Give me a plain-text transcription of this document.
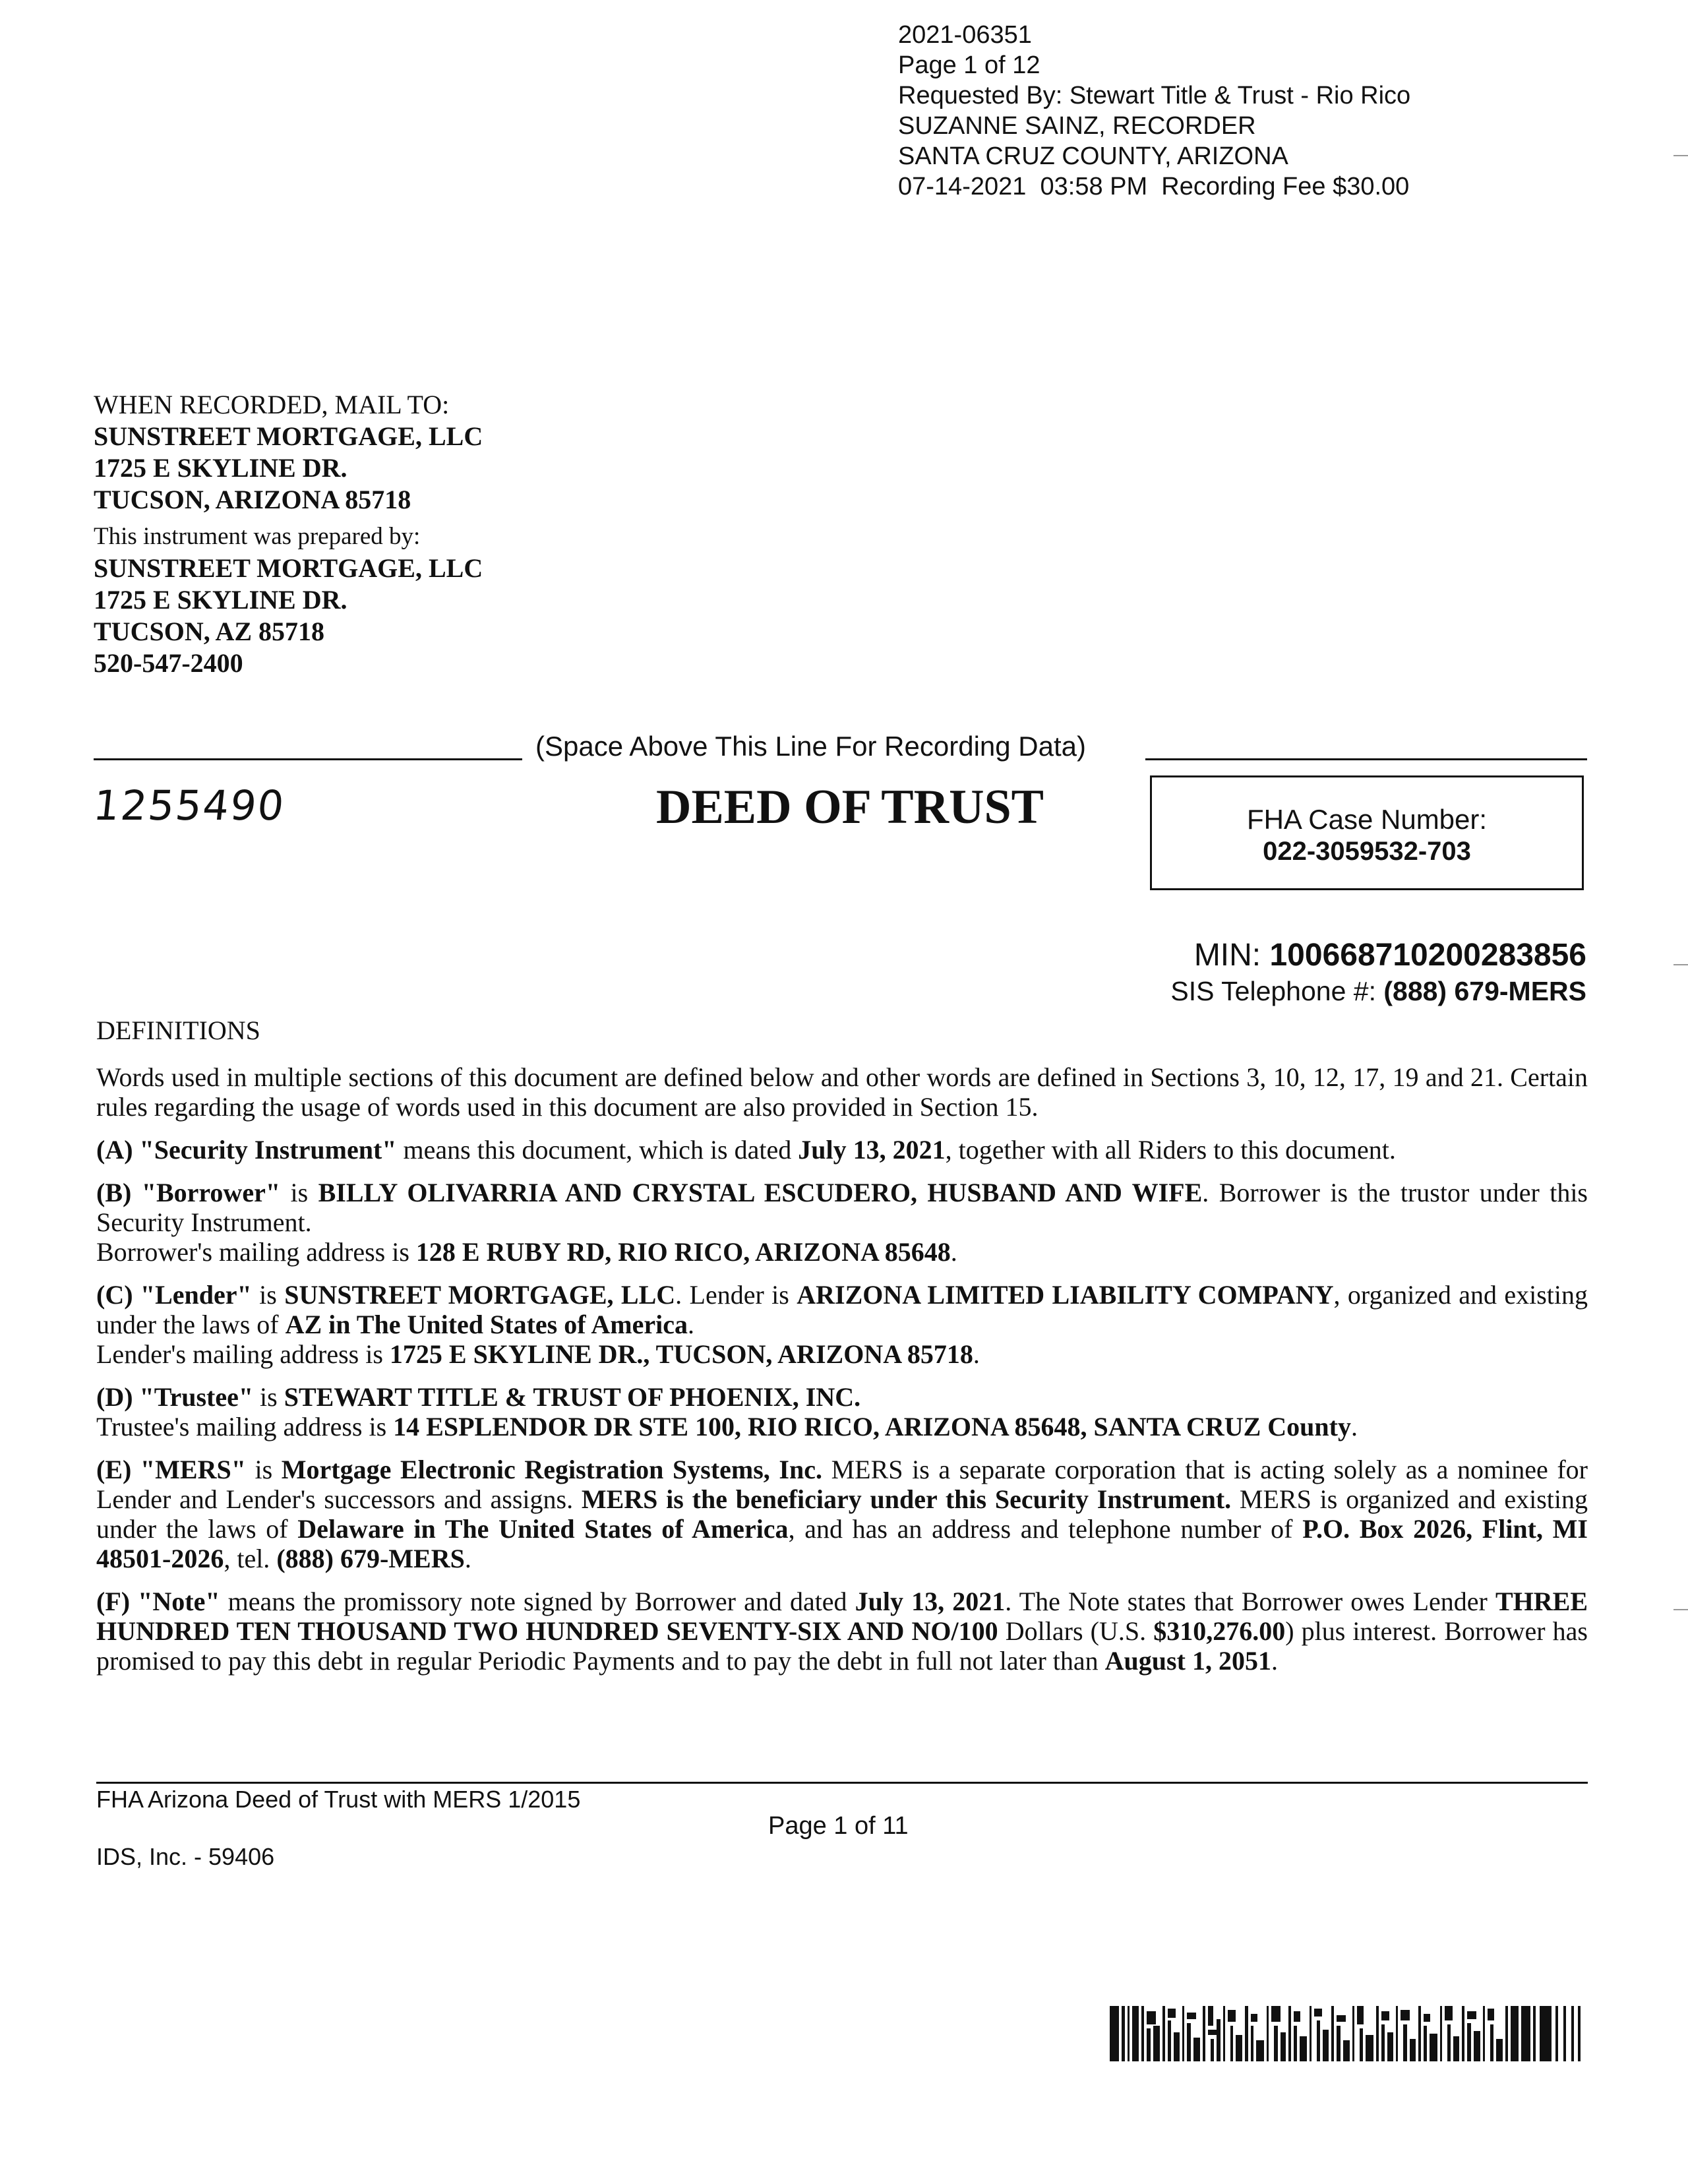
2021-06351
Page 1 of 12
Requested By: Stewart Title & Trust - Rio Rico
SUZANNE SAINZ, RECORDER
SANTA CRUZ COUNTY, ARIZONA
07-14-2021  03:58 PM  Recording Fee $30.00
WHEN RECORDED, MAIL TO:
SUNSTREET MORTGAGE, LLC
1725 E SKYLINE DR.
TUCSON, ARIZONA 85718
This instrument was prepared by:
SUNSTREET MORTGAGE, LLC
1725 E SKYLINE DR.
TUCSON, AZ 85718
520-547-2400
(Space Above This Line For Recording Data)
1255490	DEED OF TRUST	FHA Case Number:
022-3059532-703
MIN: 100668710200283856
SIS Telephone #: (888) 679-MERS

DEFINITIONS

Words used in multiple sections of this document are defined below and other words are defined in Sections 3, 10, 12, 17, 19 and 21. Certain rules regarding the usage of words used in this document are also provided in Section 15.

(A) "Security Instrument" means this document, which is dated July 13, 2021, together with all Riders to this document.

(B) "Borrower" is BILLY OLIVARRIA AND CRYSTAL ESCUDERO, HUSBAND AND WIFE. Borrower is the trustor under this Security Instrument.
Borrower's mailing address is 128 E RUBY RD, RIO RICO, ARIZONA 85648.

(C) "Lender" is SUNSTREET MORTGAGE, LLC. Lender is ARIZONA LIMITED LIABILITY COMPANY, organized and existing under the laws of AZ in The United States of America.
Lender's mailing address is 1725 E SKYLINE DR., TUCSON, ARIZONA 85718.

(D) "Trustee" is STEWART TITLE & TRUST OF PHOENIX, INC.
Trustee's mailing address is 14 ESPLENDOR DR STE 100, RIO RICO, ARIZONA 85648, SANTA CRUZ County.

(E) "MERS" is Mortgage Electronic Registration Systems, Inc. MERS is a separate corporation that is acting solely as a nominee for Lender and Lender's successors and assigns. MERS is the beneficiary under this Security Instrument. MERS is organized and existing under the laws of Delaware in The United States of America, and has an address and telephone number of P.O. Box 2026, Flint, MI 48501-2026, tel. (888) 679-MERS.

(F) "Note" means the promissory note signed by Borrower and dated July 13, 2021. The Note states that Borrower owes Lender THREE HUNDRED TEN THOUSAND TWO HUNDRED SEVENTY-SIX AND NO/100 Dollars (U.S. $310,276.00) plus interest. Borrower has promised to pay this debt in regular Periodic Payments and to pay the debt in full not later than August 1, 2051.

FHA Arizona Deed of Trust with MERS 1/2015
Page 1 of 11
IDS, Inc. - 59406
